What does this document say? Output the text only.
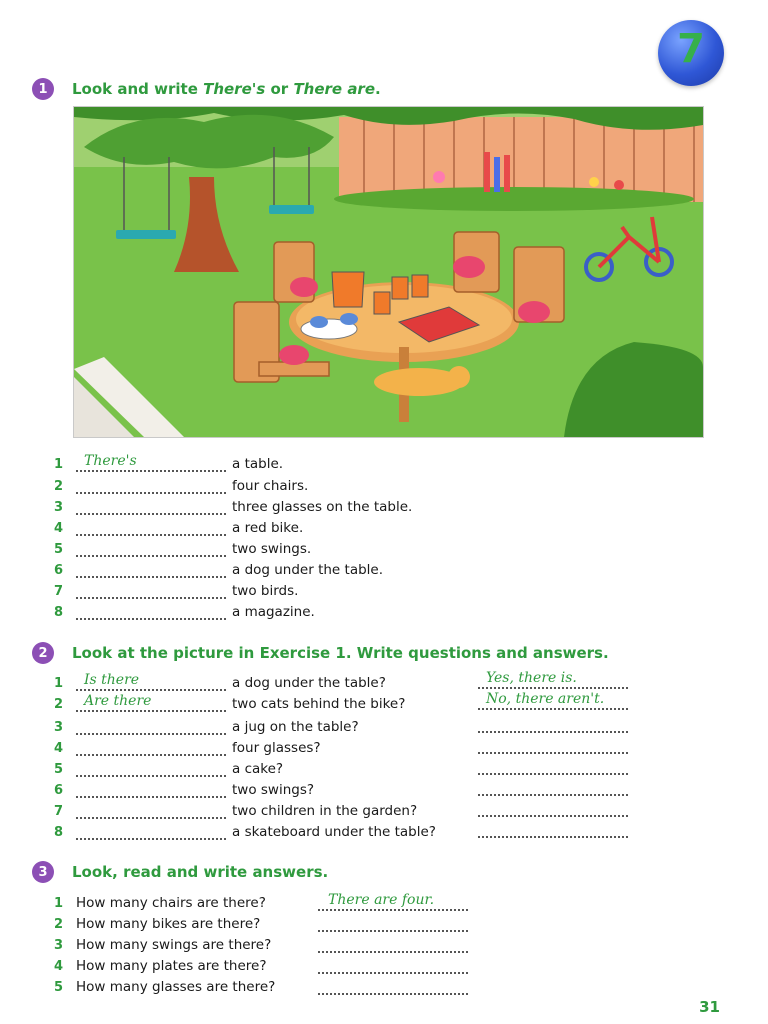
7
1	Look and write There's or There are.
1	There's	a table.
2	four chairs.
3	three glasses on the table.
4	a red bike.
5	two swings.
6	a dog under the table.
7	two birds.
8	a magazine.
2	Look at the picture in Exercise 1. Write questions and answers.
1	Is there	a dog under the table?	Yes, there is.
2	Are there	two cats behind the bike?	No, there aren't.
3	a jug on the table?
4	four glasses?
5	a cake?
6	two swings?
7	two children in the garden?
8	a skateboard under the table?
3	Look, read and write answers.
1 How many chairs are there?	There are four.
2 How many bikes are there?
3 How many swings are there?
4 How many plates are there?
5 How many glasses are there?
31
